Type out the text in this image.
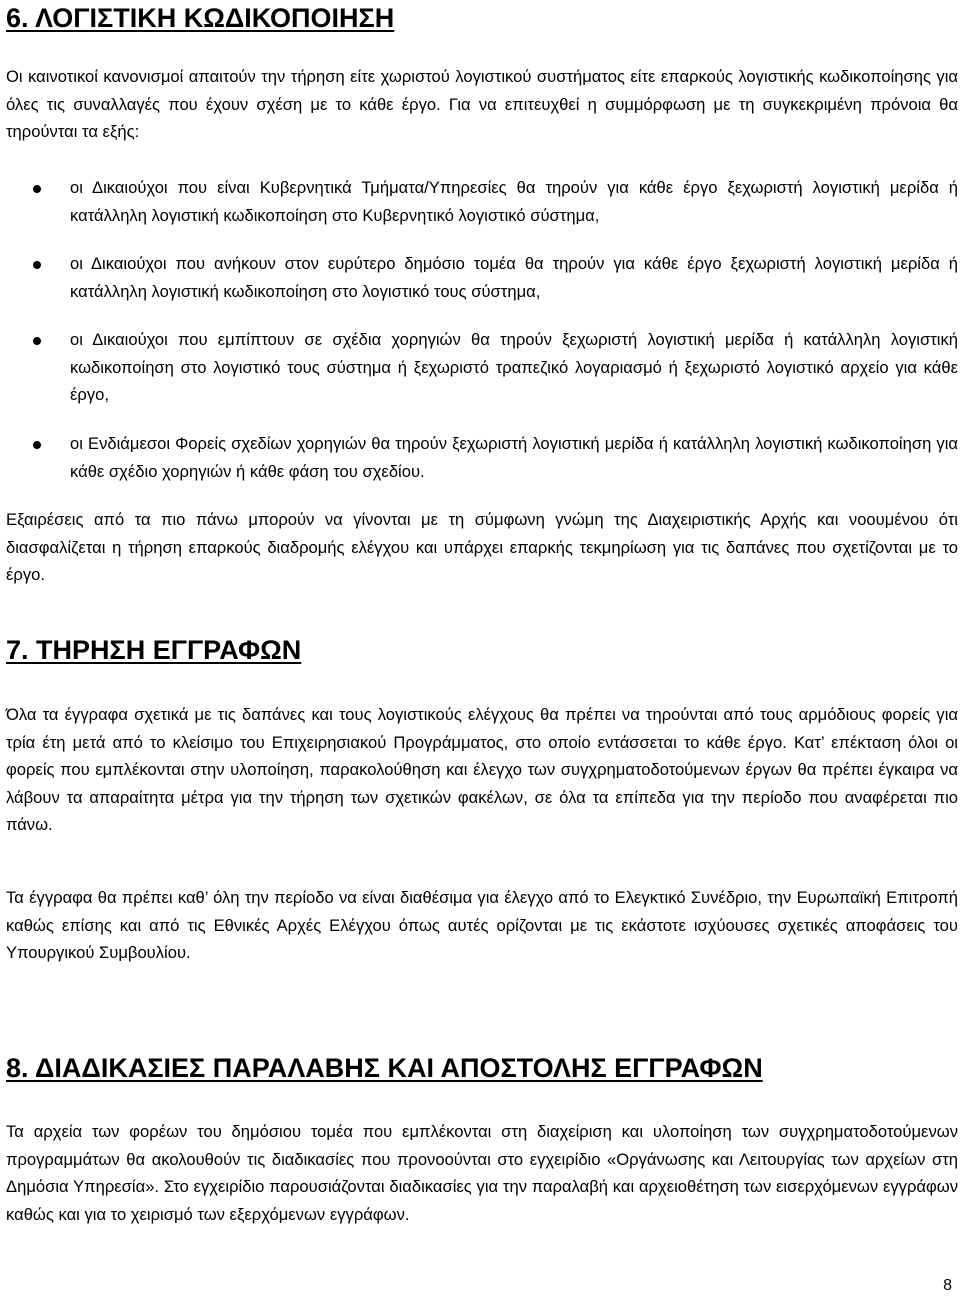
6. ΛΟΓΙΣΤΙΚΗ ΚΩΔΙΚΟΠΟΙΗΣΗ

Οι καινοτικοί κανονισμοί απαιτούν την τήρηση είτε χωριστού λογιστικού συστήματος είτε επαρκούς λογιστικής κωδικοποίησης για όλες τις συναλλαγές που έχουν σχέση με το κάθε έργο. Για να επιτευχθεί η συμμόρφωση με τη συγκεκριμένη πρόνοια θα τηρούνται τα εξής:

οι Δικαιούχοι που είναι Κυβερνητικά Τμήματα/Υπηρεσίες θα τηρούν για κάθε έργο ξεχωριστή λογιστική μερίδα ή κατάλληλη λογιστική κωδικοποίηση στο Κυβερνητικό λογιστικό σύστημα,

οι Δικαιούχοι που ανήκουν στον ευρύτερο δημόσιο τομέα θα τηρούν για κάθε έργο ξεχωριστή λογιστική μερίδα ή κατάλληλη λογιστική κωδικοποίηση στο λογιστικό τους σύστημα,

οι Δικαιούχοι που εμπίπτουν σε σχέδια χορηγιών θα τηρούν ξεχωριστή λογιστική μερίδα ή κατάλληλη λογιστική κωδικοποίηση στο λογιστικό τους σύστημα ή ξεχωριστό τραπεζικό λογαριασμό ή ξεχωριστό λογιστικό αρχείο για κάθε έργο,

οι Ενδιάμεσοι Φορείς σχεδίων χορηγιών θα τηρούν ξεχωριστή λογιστική μερίδα ή κατάλληλη λογιστική κωδικοποίηση για κάθε σχέδιο χορηγιών ή κάθε φάση του σχεδίου.

Εξαιρέσεις από τα πιο πάνω μπορούν να γίνονται με τη σύμφωνη γνώμη της Διαχειριστικής Αρχής και νοουμένου ότι διασφαλίζεται η τήρηση επαρκούς διαδρομής ελέγχου και υπάρχει επαρκής τεκμηρίωση για τις δαπάνες που σχετίζονται με το έργο.

7. ΤΗΡΗΣΗ ΕΓΓΡΑΦΩΝ

Όλα τα έγγραφα σχετικά με τις δαπάνες και τους λογιστικούς ελέγχους θα πρέπει να τηρούνται από τους αρμόδιους φορείς για τρία έτη μετά από το κλείσιμο του Επιχειρησιακού Προγράμματος, στο οποίο εντάσσεται το κάθε έργο. Κατ’ επέκταση όλοι οι φορείς που εμπλέκονται στην υλοποίηση, παρακολούθηση και έλεγχο των συγχρηματοδοτούμενων έργων θα πρέπει έγκαιρα να λάβουν τα απαραίτητα μέτρα για την τήρηση των σχετικών φακέλων, σε όλα τα επίπεδα για την περίοδο που αναφέρεται πιο πάνω.

Τα έγγραφα θα πρέπει καθ’ όλη την περίοδο να είναι διαθέσιμα για έλεγχο από το Ελεγκτικό Συνέδριο, την Ευρωπαϊκή Επιτροπή καθώς επίσης και από τις Εθνικές Αρχές Ελέγχου όπως αυτές ορίζονται με τις εκάστοτε ισχύουσες σχετικές αποφάσεις του Υπουργικού Συμβουλίου.

8. ΔΙΑΔΙΚΑΣΙΕΣ ΠΑΡΑΛΑΒΗΣ ΚΑΙ ΑΠΟΣΤΟΛΗΣ ΕΓΓΡΑΦΩΝ

Τα αρχεία των φορέων του δημόσιου τομέα που εμπλέκονται στη διαχείριση και υλοποίηση των συγχρηματοδοτούμενων προγραμμάτων θα ακολουθούν τις διαδικασίες που προνοούνται στο εγχειρίδιο «Οργάνωσης και Λειτουργίας των αρχείων στη Δημόσια Υπηρεσία». Στο εγχειρίδιο παρουσιάζονται διαδικασίες για την παραλαβή και αρχειοθέτηση των εισερχόμενων εγγράφων καθώς και για το χειρισμό των εξερχόμενων εγγράφων.

8
